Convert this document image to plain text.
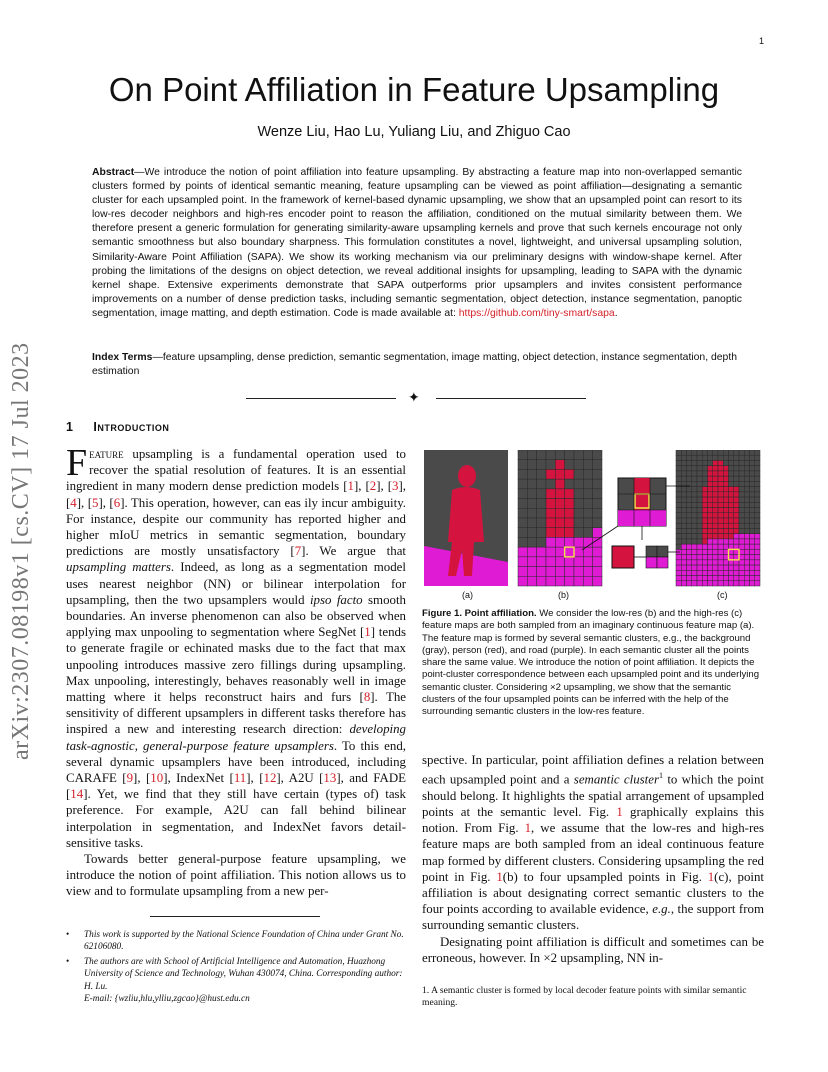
1
arXiv:2307.08198v1 [cs.CV] 17 Jul 2023
On Point Affiliation in Feature Upsampling
Wenze Liu, Hao Lu, Yuliang Liu, and Zhiguo Cao
Abstract—We introduce the notion of point affiliation into feature upsampling. By abstracting a feature map into non-overlapped semantic clusters formed by points of identical semantic meaning, feature upsampling can be viewed as point affiliation—designating a semantic cluster for each upsampled point. In the framework of kernel-based dynamic upsampling, we show that an upsampled point can resort to its low-res decoder neighbors and high-res encoder point to reason the affiliation, conditioned on the mutual similarity between them. We therefore present a generic formulation for generating similarity-aware upsampling kernels and prove that such kernels encourage not only semantic smoothness but also boundary sharpness. This formulation constitutes a novel, lightweight, and universal upsampling solution, Similarity-Aware Point Affiliation (SAPA). We show its working mechanism via our preliminary designs with window-shape kernel. After probing the limitations of the designs on object detection, we reveal additional insights for upsampling, leading to SAPA with the dynamic kernel shape. Extensive experiments demonstrate that SAPA outperforms prior upsamplers and invites consistent performance improvements on a number of dense prediction tasks, including semantic segmentation, object detection, instance segmentation, panoptic segmentation, image matting, and depth estimation. Code is made available at: https://github.com/tiny-smart/sapa.
Index Terms—feature upsampling, dense prediction, semantic segmentation, image matting, object detection, instance segmentation, depth estimation
✦
1 Introduction

Feature upsampling is a fundamental operation used to recover the spatial resolution of features. It is an essential ingredient in many modern dense prediction models [1], [2], [3], [4], [5], [6]. This operation, however, can eas ily incur ambiguity. For instance, despite our community has reported higher and higher mIoU metrics in semantic segmentation, boundary predictions are mostly unsatisfactory [7]. We argue that upsampling matters. Indeed, as long as a segmentation model uses nearest neighbor (NN) or bilinear interpolation for upsampling, then the two upsamplers would ipso facto smooth boundaries. An inverse phenomenon can also be observed when applying max unpooling to segmentation where SegNet [1] tends to generate fragile or echinated masks due to the fact that max unpooling introduces massive zero fillings during upsampling. Max unpooling, interestingly, behaves reasonably well in image matting where it helps reconstruct hairs and furs [8]. The sensitivity of different upsamplers in different tasks therefore has inspired a new and interesting research direction: developing task-agnostic, general-purpose feature upsamplers. To this end, several dynamic upsamplers have been introduced, including CARAFE [9], [10], IndexNet [11], [12], A2U [13], and FADE [14]. Yet, we find that they still have certain (types of) task preference. For example, A2U can fall behind bilinear interpolation in segmentation, and IndexNet favors detail-sensitive tasks.

Towards better general-purpose feature upsampling, we introduce the notion of point affiliation. This notion allows us to view and to formulate upsampling from a new per-

• This work is supported by the National Science Foundation of China under Grant No. 62106080.
• The authors are with School of Artificial Intelligence and Automation, Huazhong University of Science and Technology, Wuhan 430074, China. Corresponding author: H. Lu.
E-mail: {wzliu,hlu,ylliu,zgcao}@hust.edu.cn
(a)	(b)	(c)
Figure 1. Point affiliation. We consider the low-res (b) and the high-res (c) feature maps are both sampled from an imaginary continuous feature map (a). The feature map is formed by several semantic clusters, e.g., the background (gray), person (red), and road (purple). In each semantic cluster all the points share the same value. We introduce the notion of point affiliation. It depicts the point-cluster correspondence between each upsampled point and its underlying semantic cluster. Considering ×2 upsampling, we show that the semantic clusters of the four upsampled points can be inferred with the help of the surrounding semantic clusters in the low-res feature.

spective. In particular, point affiliation defines a relation between each upsampled point and a semantic cluster$^1$ to which the point should belong. It highlights the spatial arrangement of upsampled points at the semantic level. Fig. 1 graphically explains this notion. From Fig. 1, we assume that the low-res and high-res feature maps are both sampled from an ideal continuous feature map formed by different clusters. Considering upsampling the red point in Fig. 1(b) to four upsampled points in Fig. 1(c), point affiliation is about designating correct semantic clusters to the four points according to available evidence, e.g., the support from surrounding semantic clusters.

Designating point affiliation is difficult and sometimes can be erroneous, however. In ×2 upsampling, NN in-

1. A semantic cluster is formed by local decoder feature points with similar semantic meaning.
